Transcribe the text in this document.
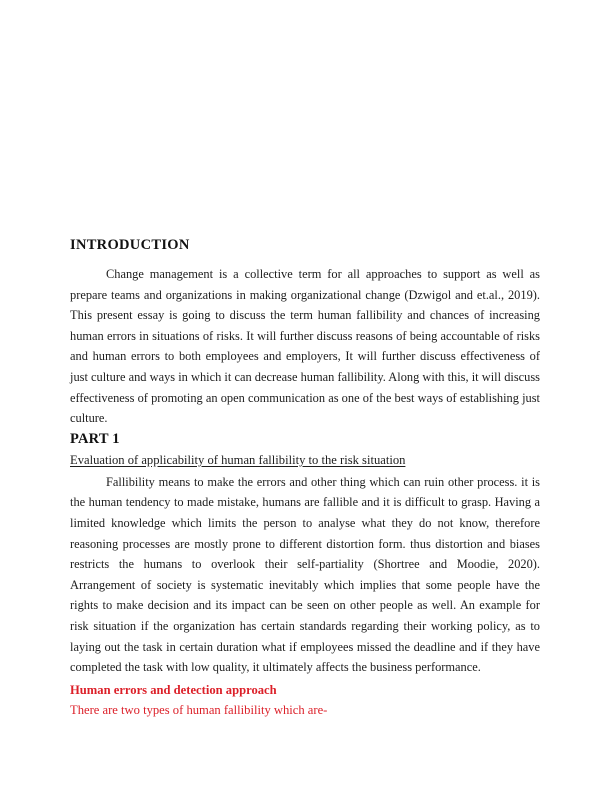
INTRODUCTION

Change management is a collective term for all approaches to support as well as prepare teams and organizations in making organizational change (Dzwigol and et.al., 2019). This present essay is going to discuss the term human fallibility and chances of increasing human errors in situations of risks. It will further discuss reasons of being accountable of risks and human errors to both employees and employers, It will further discuss effectiveness of just culture and ways in which it can decrease human fallibility. Along with this, it will discuss effectiveness of promoting an open communication as one of the best ways of establishing just culture.

PART 1
Evaluation of applicability of human fallibility to the risk situation

Fallibility means to make the errors and other thing which can ruin other process. it is the human tendency to made mistake, humans are fallible and it is difficult to grasp. Having a limited knowledge which limits the person to analyse what they do not know, therefore reasoning processes are mostly prone to different distortion form. thus distortion and biases restricts the humans to overlook their self-partiality (Shortree and Moodie, 2020). Arrangement of society is systematic inevitably which implies that some people have the rights to make decision and its impact can be seen on other people as well. An example for risk situation if the organization has certain standards regarding their working policy, as to laying out the task in certain duration what if employees missed the deadline and if they have completed the task with low quality, it ultimately affects the business performance.

Human errors and detection approach

There are two types of human fallibility which are-
